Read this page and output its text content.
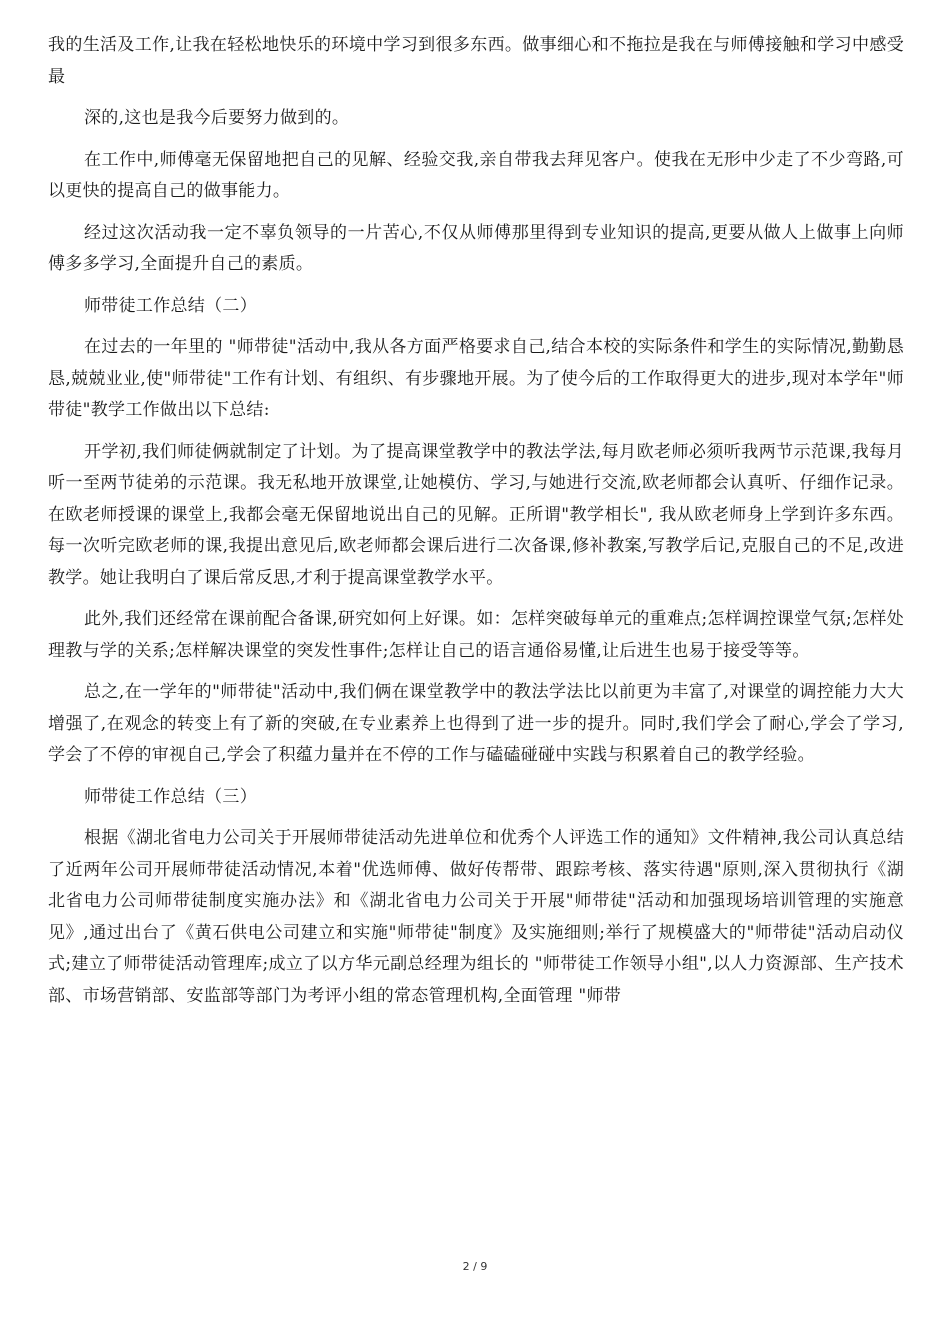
我的生活及工作,让我在轻松地快乐的环境中学习到很多东西。做事细心和不拖拉是我在与师傅接触和学习中感受最

深的,这也是我今后要努力做到的。

在工作中,师傅毫无保留地把自己的见解、经验交我,亲自带我去拜见客户。使我在无形中少走了不少弯路,可以更快的提高自己的做事能力。

经过这次活动我一定不辜负领导的一片苦心,不仅从师傅那里得到专业知识的提高,更要从做人上做事上向师傅多多学习,全面提升自己的素质。

师带徒工作总结（二）

在过去的一年里的 "师带徒"活动中,我从各方面严格要求自己,结合本校的实际条件和学生的实际情况,勤勤恳恳,兢兢业业,使"师带徒"工作有计划、有组织、有步骤地开展。为了使今后的工作取得更大的进步,现对本学年"师带徒"教学工作做出以下总结:

开学初,我们师徒俩就制定了计划。为了提高课堂教学中的教法学法,每月欧老师必须听我两节示范课,我每月听一至两节徒弟的示范课。我无私地开放课堂,让她模仿、学习,与她进行交流,欧老师都会认真听、仔细作记录。在欧老师授课的课堂上,我都会毫无保留地说出自己的见解。正所谓"教学相长", 我从欧老师身上学到许多东西。每一次听完欧老师的课,我提出意见后,欧老师都会课后进行二次备课,修补教案,写教学后记,克服自己的不足,改进教学。她让我明白了课后常反思,才利于提高课堂教学水平。

此外,我们还经常在课前配合备课,研究如何上好课。如：怎样突破每单元的重难点;怎样调控课堂气氛;怎样处理教与学的关系;怎样解决课堂的突发性事件;怎样让自己的语言通俗易懂,让后进生也易于接受等等。

总之,在一学年的"师带徒"活动中,我们俩在课堂教学中的教法学法比以前更为丰富了,对课堂的调控能力大大增强了,在观念的转变上有了新的突破,在专业素养上也得到了进一步的提升。同时,我们学会了耐心,学会了学习,学会了不停的审视自己,学会了积蕴力量并在不停的工作与磕磕碰碰中实践与积累着自己的教学经验。

师带徒工作总结（三）

根据《湖北省电力公司关于开展师带徒活动先进单位和优秀个人评选工作的通知》文件精神,我公司认真总结了近两年公司开展师带徒活动情况,本着"优选师傅、做好传帮带、跟踪考核、落实待遇"原则,深入贯彻执行《湖北省电力公司师带徒制度实施办法》和《湖北省电力公司关于开展"师带徒"活动和加强现场培训管理的实施意见》,通过出台了《黄石供电公司建立和实施"师带徒"制度》及实施细则;举行了规模盛大的"师带徒"活动启动仪式;建立了师带徒活动管理库;成立了以方华元副总经理为组长的 "师带徒工作领导小组",以人力资源部、生产技术部、市场营销部、安监部等部门为考评小组的常态管理机构,全面管理 "师带

2 / 9
